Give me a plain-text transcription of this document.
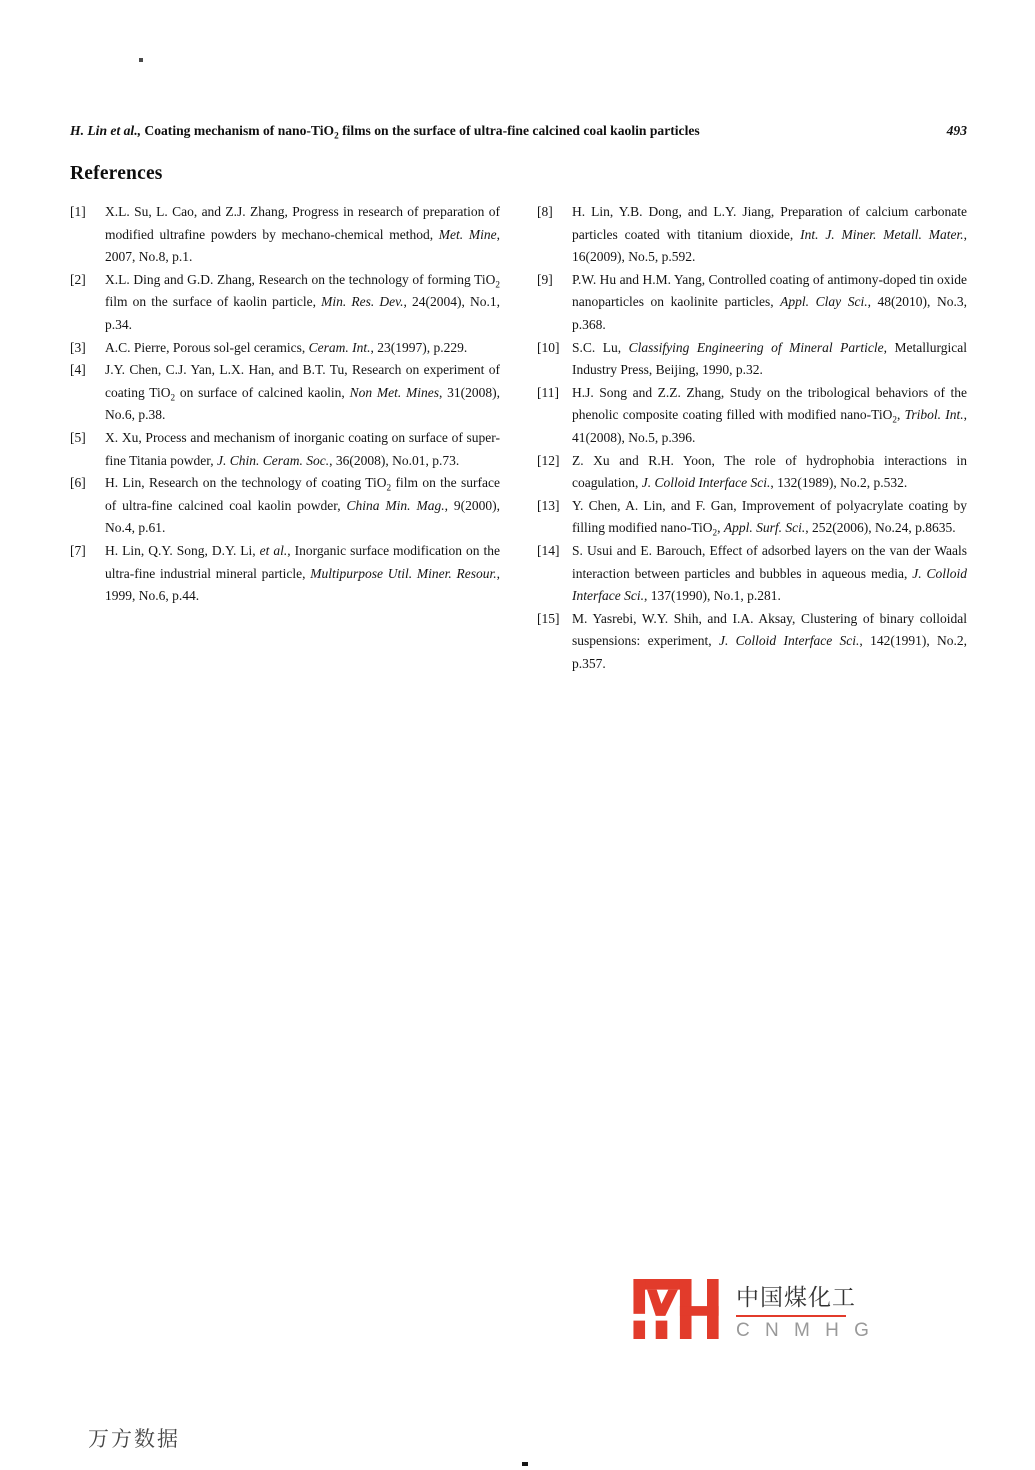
H. Lin et al., Coating mechanism of nano-TiO$_2$ films on the surface of ultra-fine calcined coal kaolin particles	493
References
[1]	X.L. Su, L. Cao, and Z.J. Zhang, Progress in research of preparation of modified ultrafine powders by mechano-chemical method, Met. Mine, 2007, No.8, p.1.
[2]	X.L. Ding and G.D. Zhang, Research on the technology of forming TiO$_2$ film on the surface of kaolin particle, Min. Res. Dev., 24(2004), No.1, p.34.
[3]	A.C. Pierre, Porous sol-gel ceramics, Ceram. Int., 23(1997), p.229.
[4]	J.Y. Chen, C.J. Yan, L.X. Han, and B.T. Tu, Research on experiment of coating TiO$_2$ on surface of calcined kaolin, Non Met. Mines, 31(2008), No.6, p.38.
[5]	X. Xu, Process and mechanism of inorganic coating on surface of super-fine Titania powder, J. Chin. Ceram. Soc., 36(2008), No.01, p.73.
[6]	H. Lin, Research on the technology of coating TiO$_2$ film on the surface of ultra-fine calcined coal kaolin powder, China Min. Mag., 9(2000), No.4, p.61.
[7]	H. Lin, Q.Y. Song, D.Y. Li, et al., Inorganic surface modification on the ultra-fine industrial mineral particle, Multipurpose Util. Miner. Resour., 1999, No.6, p.44.
[8]	H. Lin, Y.B. Dong, and L.Y. Jiang, Preparation of calcium carbonate particles coated with titanium dioxide, Int. J. Miner. Metall. Mater., 16(2009), No.5, p.592.
[9]	P.W. Hu and H.M. Yang, Controlled coating of antimony-doped tin oxide nanoparticles on kaolinite particles, Appl. Clay Sci., 48(2010), No.3, p.368.
[10] S.C. Lu, Classifying Engineering of Mineral Particle, Metallurgical Industry Press, Beijing, 1990, p.32.
[11] H.J. Song and Z.Z. Zhang, Study on the tribological behaviors of the phenolic composite coating filled with modified nano-TiO$_2$, Tribol. Int., 41(2008), No.5, p.396.
[12] Z. Xu and R.H. Yoon, The role of hydrophobia interactions in coagulation, J. Colloid Interface Sci., 132(1989), No.2, p.532.
[13] Y. Chen, A. Lin, and F. Gan, Improvement of polyacrylate coating by filling modified nano-TiO$_2$, Appl. Surf. Sci., 252(2006), No.24, p.8635.
[14] S. Usui and E. Barouch, Effect of adsorbed layers on the van der Waals interaction between particles and bubbles in aqueous media, J. Colloid Interface Sci., 137(1990), No.1, p.281.
[15] M. Yasrebi, W.Y. Shih, and I.A. Aksay, Clustering of binary colloidal suspensions: experiment, J. Colloid Interface Sci., 142(1991), No.2, p.357.
中国煤化工
C N M H G
万方数据
